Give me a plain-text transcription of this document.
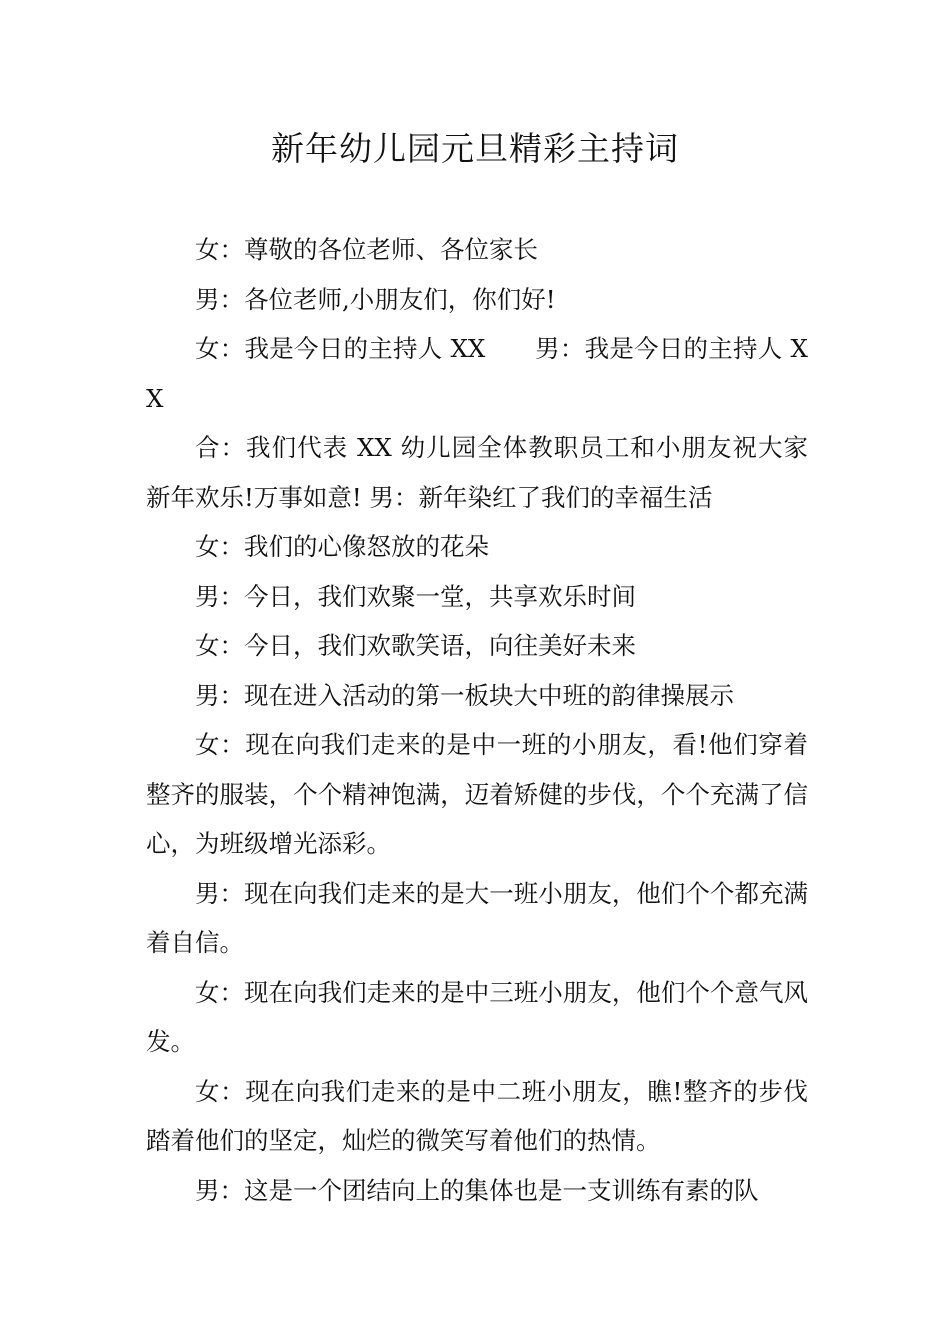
新年幼儿园元旦精彩主持词

女：尊敬的各位老师、各位家长

男：各位老师,小朋友们，你们好!

女：我是今日的主持人 XX　　男：我是今日的主持人 XX

合：我们代表 XX 幼儿园全体教职员工和小朋友祝大家新年欢乐!万事如意! 男：新年染红了我们的幸福生活

女：我们的心像怒放的花朵

男：今日，我们欢聚一堂，共享欢乐时间

女：今日，我们欢歌笑语，向往美好未来

男：现在进入活动的第一板块大中班的韵律操展示

女：现在向我们走来的是中一班的小朋友，看!他们穿着整齐的服装，个个精神饱满，迈着矫健的步伐，个个充满了信心，为班级增光添彩。

男：现在向我们走来的是大一班小朋友，他们个个都充满着自信。

女：现在向我们走来的是中三班小朋友，他们个个意气风发。

女：现在向我们走来的是中二班小朋友，瞧!整齐的步伐踏着他们的坚定，灿烂的微笑写着他们的热情。

男：这是一个团结向上的集体也是一支训练有素的队
